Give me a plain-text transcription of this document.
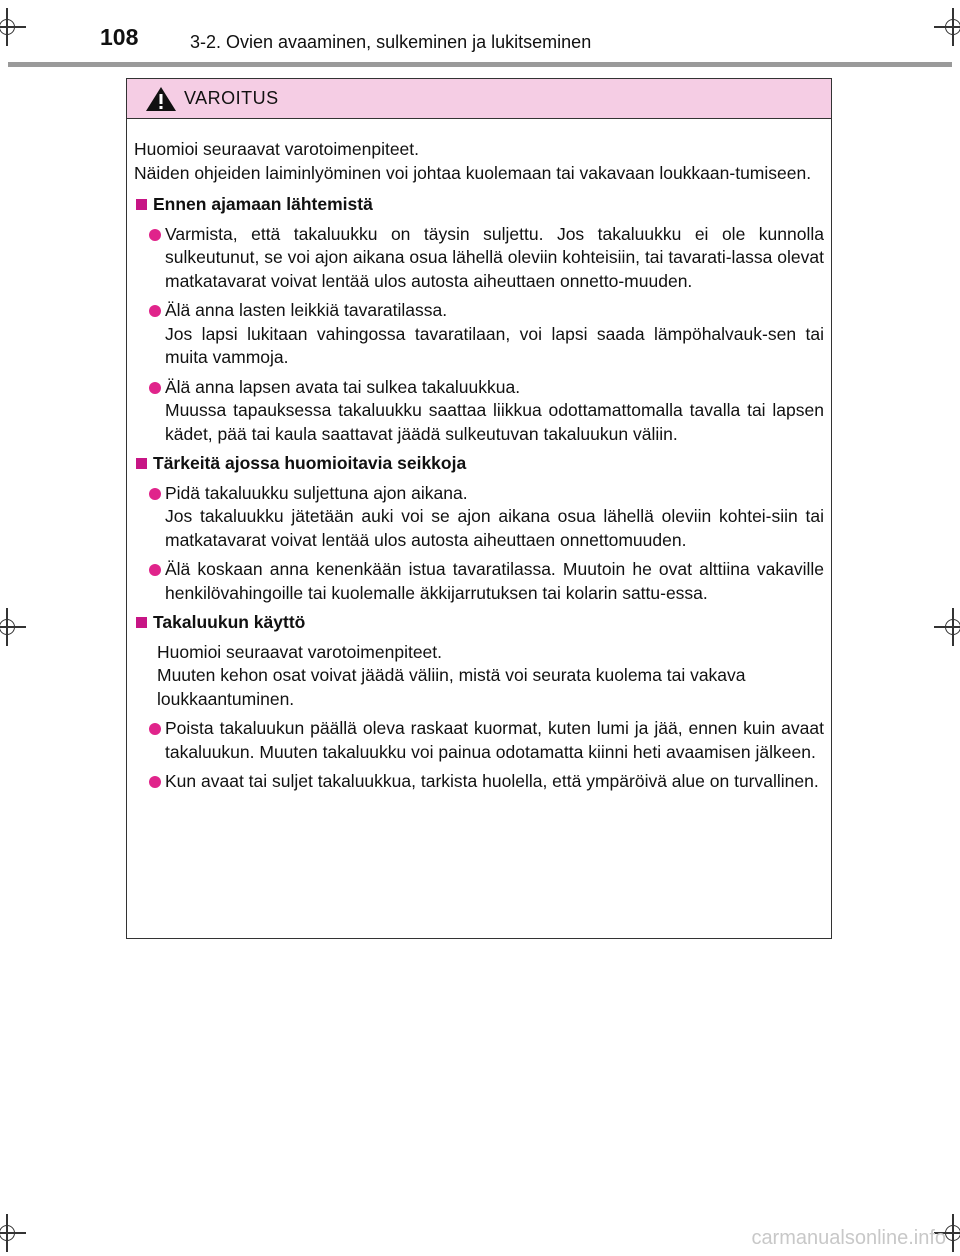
108	3-2. Ovien avaaminen, sulkeminen ja lukitseminen
VAROITUS

Huomioi seuraavat varotoimenpiteet.

Näiden ohjeiden laiminlyöminen voi johtaa kuolemaan tai vakavaan loukkaan-tumiseen.

Ennen ajamaan lähtemistä
Varmista, että takaluukku on täysin suljettu. Jos takaluukku ei ole kunnolla sulkeutunut, se voi ajon aikana osua lähellä oleviin kohteisiin, tai tavarati-lassa olevat matkatavarat voivat lentää ulos autosta aiheuttaen onnetto-muuden.
Älä anna lasten leikkiä tavaratilassa.
Jos lapsi lukitaan vahingossa tavaratilaan, voi lapsi saada lämpöhalvauk-sen tai muita vammoja.
Älä anna lapsen avata tai sulkea takaluukkua.
Muussa tapauksessa takaluukku saattaa liikkua odottamattomalla tavalla tai lapsen kädet, pää tai kaula saattavat jäädä sulkeutuvan takaluukun väliin.
Tärkeitä ajossa huomioitavia seikkoja
Pidä takaluukku suljettuna ajon aikana.
Jos takaluukku jätetään auki voi se ajon aikana osua lähellä oleviin kohtei-siin tai matkatavarat voivat lentää ulos autosta aiheuttaen onnettomuuden.
Älä koskaan anna kenenkään istua tavaratilassa. Muutoin he ovat alttiina vakaville henkilövahingoille tai kuolemalle äkkijarrutuksen tai kolarin sattu-essa.
Takaluukun käyttö

Huomioi seuraavat varotoimenpiteet.

Muuten kehon osat voivat jäädä väliin, mistä voi seurata kuolema tai vakava loukkaantuminen.

Poista takaluukun päällä oleva raskaat kuormat, kuten lumi ja jää, ennen kuin avaat takaluukun. Muuten takaluukku voi painua odotamatta kiinni heti avaamisen jälkeen.
Kun avaat tai suljet takaluukkua, tarkista huolella, että ympäröivä alue on turvallinen.
carmanualsonline.info
